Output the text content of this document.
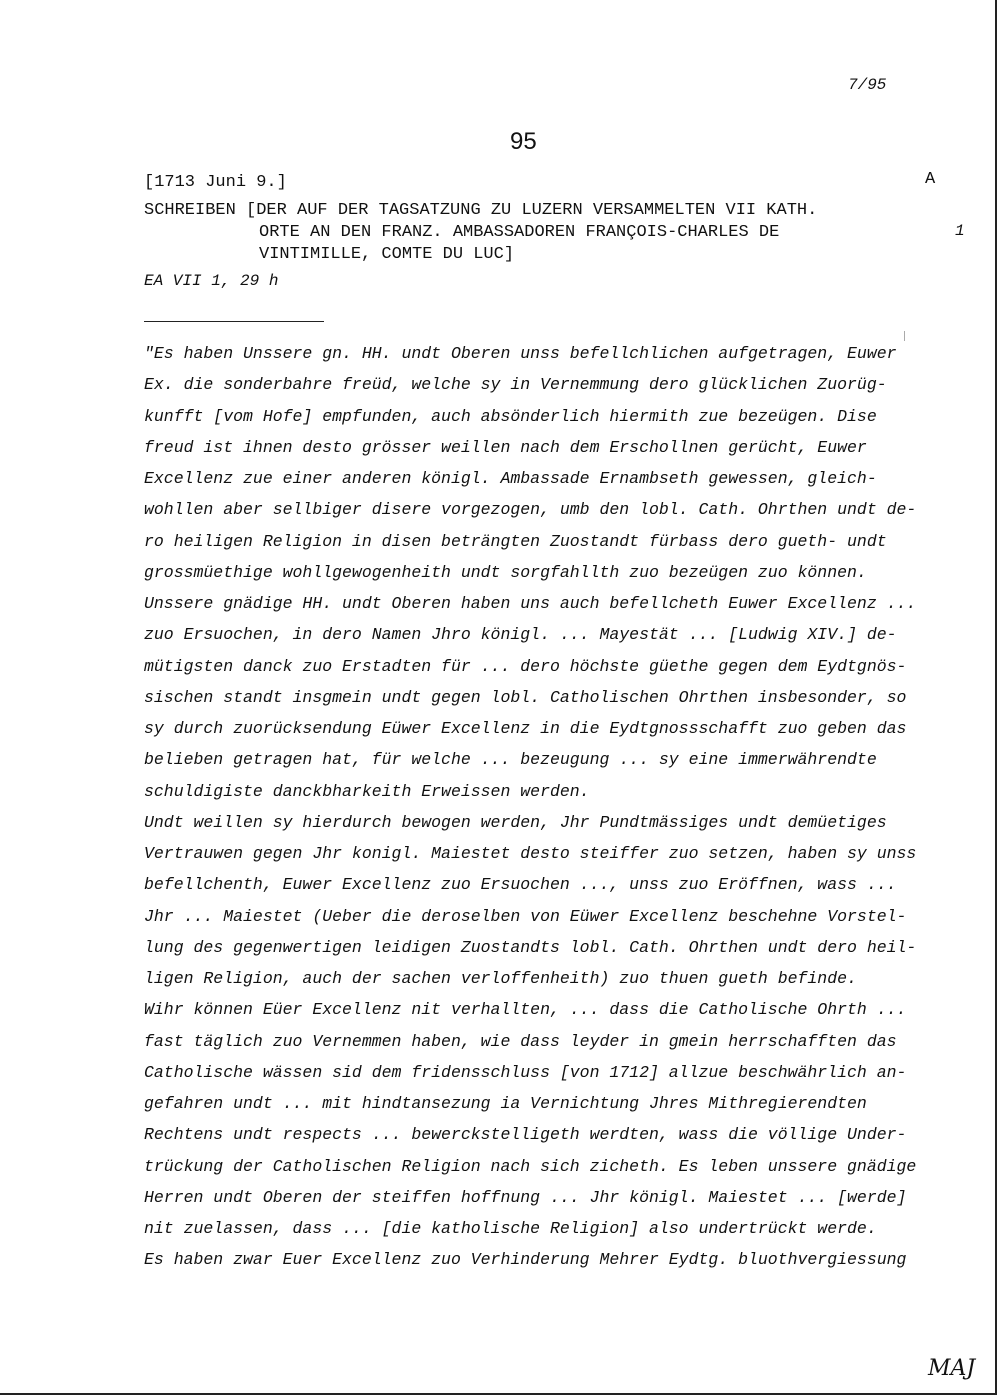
7/95
95
[1713 Juni 9.]	A
SCHREIBEN [DER AUF DER TAGSATZUNG ZU LUZERN VERSAMMELTEN VII KATH.
ORTE AN DEN FRANZ. AMBASSADOREN FRANÇOIS-CHARLES DE
VINTIMILLE, COMTE DU LUC]
1
EA VII 1, 29 h
"Es haben Unssere gn. HH. undt Oberen unss befellchlichen aufgetragen, Euwer
Ex. die sonderbahre freüd, welche sy in Vernemmung dero glücklichen Zuorüg-
kunfft [vom Hofe] empfunden, auch absönderlich hiermith zue bezeügen. Dise
freud ist ihnen desto grösser weillen nach dem Erschollnen gerücht, Euwer
Excellenz zue einer anderen königl. Ambassade Ernambseth gewessen, gleich-
wohllen aber sellbiger disere vorgezogen, umb den lobl. Cath. Ohrthen undt de-
ro heiligen Religion in disen beträngten Zuostandt fürbass dero gueth- undt
grossmüethige wohllgewogenheith undt sorgfahllth zuo bezeügen zuo können.
Unssere gnädige HH. undt Oberen haben uns auch befellcheth Euwer Excellenz ...
zuo Ersuochen, in dero Namen Jhro königl. ... Mayestät ... [Ludwig XIV.] de-
mütigsten danck zuo Erstadten für ... dero höchste güethe gegen dem Eydtgnös-
sischen standt insgmein undt gegen lobl. Catholischen Ohrthen insbesonder, so
sy durch zuorücksendung Eüwer Excellenz in die Eydtgnossschafft zuo geben das
belieben getragen hat, für welche ... bezeugung ... sy eine immerwährendte
schuldigiste danckbharkeith Erweissen werden.
Undt weillen sy hierdurch bewogen werden, Jhr Pundtmässiges undt demüetiges
Vertrauwen gegen Jhr konigl. Maiestet desto steiffer zuo setzen, haben sy unss
befellchenth, Euwer Excellenz zuo Ersuochen ..., unss zuo Eröffnen, wass ...
Jhr ... Maiestet (Ueber die deroselben von Eüwer Excellenz beschehne Vorstel-
lung des gegenwertigen leidigen Zuostandts lobl. Cath. Ohrthen undt dero heil-
ligen Religion, auch der sachen verloffenheith) zuo thuen gueth befinde.
Wihr können Eüer Excellenz nit verhallten, ... dass die Catholische Ohrth ...
fast täglich zuo Vernemmen haben, wie dass leyder in gmein herrschafften das
Catholische wässen sid dem fridensschluss [von 1712] allzue beschwährlich an-
gefahren undt ... mit hindtansezung ia Vernichtung Jhres Mithregierendten
Rechtens undt respects ... bewerckstelligeth werdten, wass die völlige Under-
trückung der Catholischen Religion nach sich zicheth. Es leben unssere gnädige
Herren undt Oberen der steiffen hoffnung ... Jhr königl. Maiestet ... [werde]
nit zuelassen, dass ... [die katholische Religion] also undertrückt werde.
Es haben zwar Euer Excellenz zuo Verhinderung Mehrer Eydtg. bluothvergiessung
MAJ
